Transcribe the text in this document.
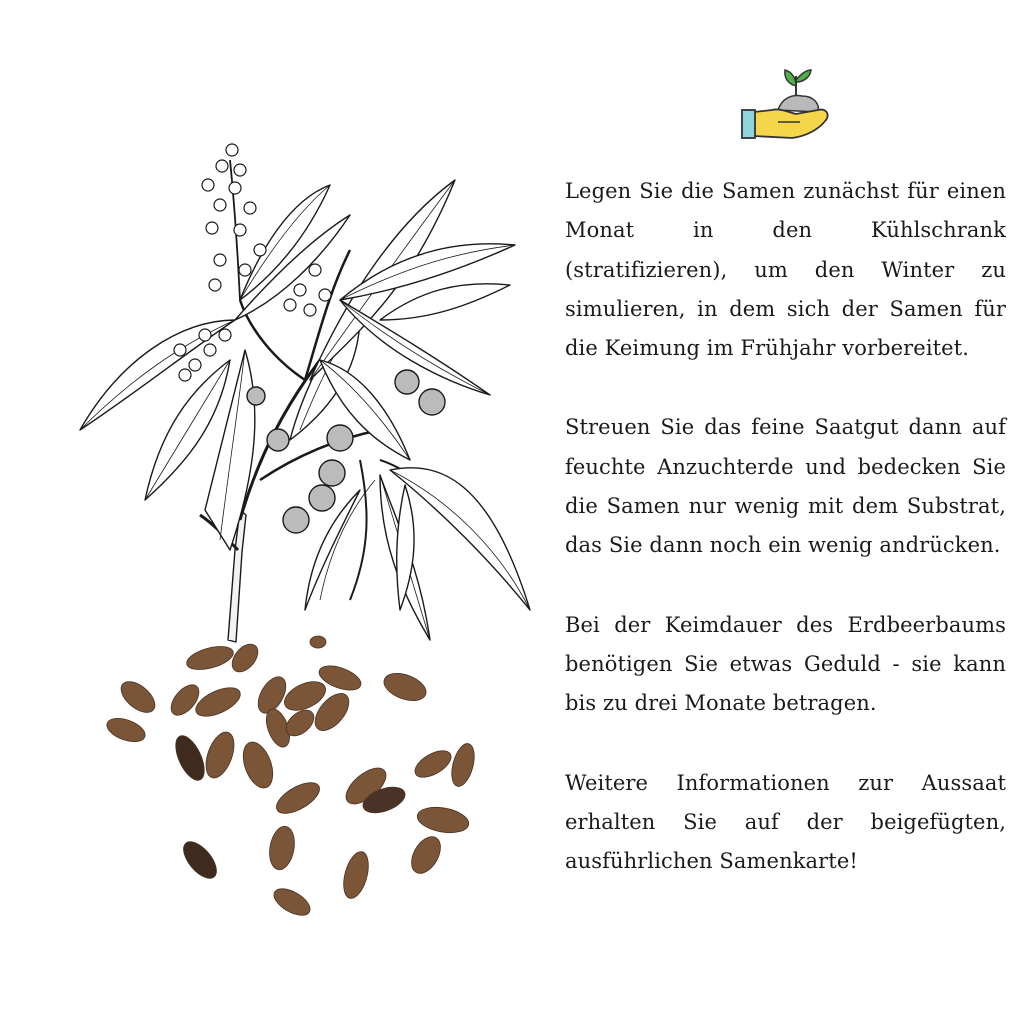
Legen Sie die Samen zunächst für einen Monat in den Kühlschrank (stratifizieren), um den Winter zu simulieren, in dem sich der Samen für die Keimung im Frühjahr vorbereitet.

Streuen Sie das feine Saatgut dann auf feuchte Anzuchterde und bedecken Sie die Samen nur wenig mit dem Substrat, das Sie dann noch ein wenig andrücken.

Bei der Keimdauer des Erdbeerbaums benötigen Sie etwas Geduld - sie kann bis zu drei Monate betragen.

Weitere Informationen zur Aussaat erhalten Sie auf der beigefügten, ausführlichen Samenkarte!
